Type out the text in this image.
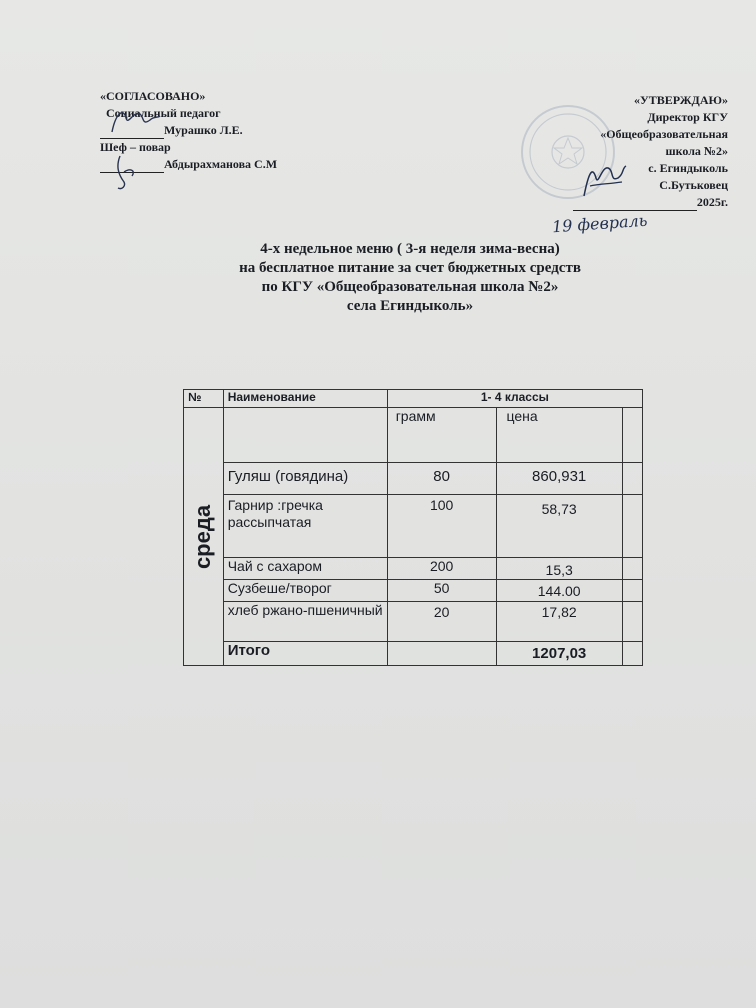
«СОГЛАСОВАНО»
Социальный педагог
Мурашко Л.Е.
Шеф – повар
Абдырахманова С.М
«УТВЕРЖДАЮ»
Директор КГУ
«Общеобразовательная
школа №2»
с. Егиндыколь
С.Бутьковец
2025г.
19 февраль
4-х недельное меню ( 3-я неделя зима-весна)
на бесплатное питание за счет бюджетных средств
по КГУ «Общеобразовательная школа №2»
села Егиндыколь»
№	Наименование	1- 4 классы		

среда		грамм	цена	
	Гуляш (говядина)	80	860,931	
	Гарнир :гречка рассыпчатая	100	58,73	
	Чай с сахаром	200	15,3	
	Сузбеше/творог	50	144.00	
	хлеб ржано-пшеничный	20	17,82	
	Итого		1207,03	
